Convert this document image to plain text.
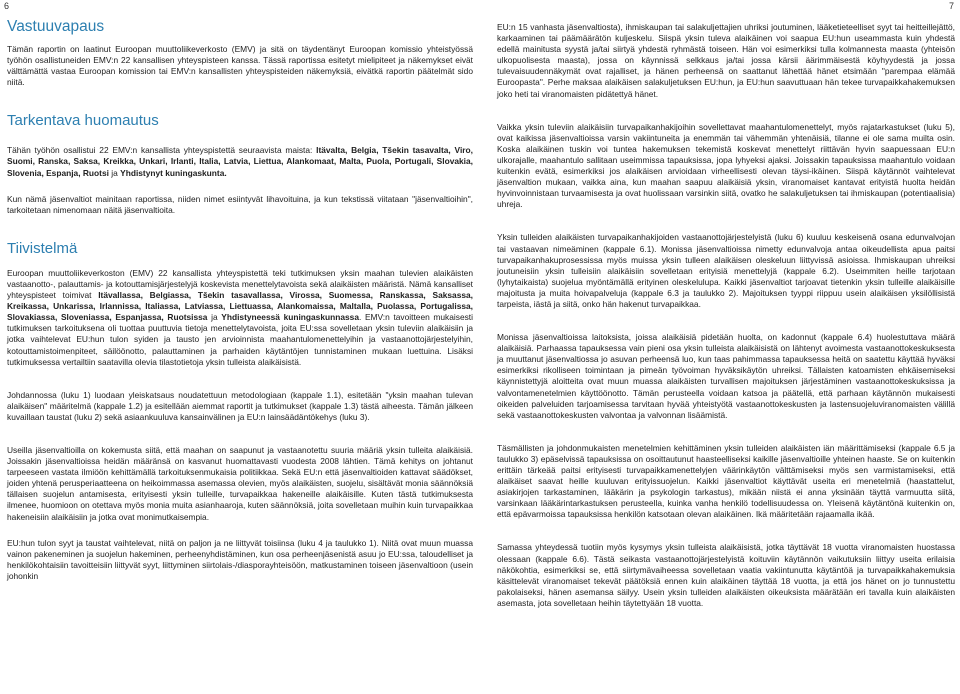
6	7
Vastuuvapaus

Tämän raportin on laatinut Euroopan muuttoliikeverkosto (EMV) ja sitä on täydentänyt Euroopan komissio yhteistyössä työhön osallistuneiden EMV:n 22 kansallisen yhteyspisteen kanssa. Tässä raportissa esitetyt mielipiteet ja näkemykset eivät välttämättä vastaa Euroopan komission tai EMV:n kansallisten yhteyspisteiden näkemyksiä, eivätkä raportin päätelmät sido niitä.

Tarkentava huomautus

Tähän työhön osallistui 22 EMV:n kansallista yhteyspistettä seuraavista maista: Itävalta, Belgia, Tšekin tasavalta, Viro, Suomi, Ranska, Saksa, Kreikka, Unkari, Irlanti, Italia, Latvia, Liettua, Alankomaat, Malta, Puola, Portugali, Slovakia, Slovenia, Espanja, Ruotsi ja Yhdistynyt kuningaskunta.

Kun nämä jäsenvaltiot mainitaan raportissa, niiden nimet esiintyvät lihavoituina, ja kun tekstissä viitataan "jäsenvaltioihin", tarkoitetaan nimenomaan näitä jäsenvaltioita.

Tiivistelmä

Euroopan muuttoliikeverkoston (EMV) 22 kansallista yhteyspistettä teki tutkimuksen yksin maahan tulevien alaikäisten vastaanotto-, palauttamis- ja kotouttamisjärjestelyjä koskevista menettelytavoista sekä alaikäisten määristä. Nämä kansalliset yhteyspisteet toimivat Itävallassa, Belgiassa, Tšekin tasavallassa, Virossa, Suomessa, Ranskassa, Saksassa, Kreikassa, Unkarissa, Irlannissa, Italiassa, Latviassa, Liettuassa, Alankomaissa, Maltalla, Puolassa, Portugalissa, Slovakiassa, Sloveniassa, Espanjassa, Ruotsissa ja Yhdistyneessä kuningaskunnassa. EMV:n tavoitteen mukaisesti tutkimuksen tarkoituksena oli tuottaa puuttuvia tietoja menettelytavoista, joita EU:ssa sovelletaan yksin tuleviin alaikäisiin ja jotka vaihtelevat EU:hun tulon syiden ja tausto jen arvioinnista maahantulomenettelyihin ja vastaanottojärjestelyihin, kotouttamistoimenpiteet, säilöönotto, palauttaminen ja parhaiden käytäntöjen tunnistaminen mukaan luettuina. Lisäksi tutkimuksessa vertailtiin saatavilla olevia tilastotietoja yksin tulleista alaikäisistä.

Johdannossa (luku 1) luodaan yleiskatsaus noudatettuun metodologiaan (kappale 1.1), esitetään "yksin maahan tulevan alaikäisen" määritelmä (kappale 1.2) ja esitellään aiemmat raportit ja tutkimukset (kappale 1.3) tästä aiheesta. Tämän jälkeen kuvaillaan taustat (luku 2) sekä asiaankuuluva kansainvälinen ja EU:n lainsäädäntökehys (luku 3).

Useilla jäsenvaltioilla on kokemusta siitä, että maahan on saapunut ja vastaanotettu suuria määriä yksin tulleita alaikäisiä. Joissakin jäsenvaltioissa heidän määränsä on kasvanut huomattavasti vuodesta 2008 lähtien. Tämä kehitys on johtanut tarpeeseen vastata ilmiöön kehittämällä tarkoituksenmukaisia politiikkaa. Sekä EU:n että jäsenvaltioiden kattavat säädökset, joiden yhtenä perusperiaatteena on heikoimmassa asemassa olevien, myös alaikäisten, suojelu, sisältävät monia säännöksiä tällaisen suojelun antamisesta, erityisesti yksin tulleille, turvapaikkaa hakeneille alaikäisille. Kuten tästä tutkimuksesta ilmenee, huomioon on otettava myös monia muita asianhaaroja, kuten säännöksiä, joita sovelletaan muihin kuin turvapaikkaa hakeneisiin alaikäisiin ja jotka ovat monimutkaisempia.

EU:hun tulon syyt ja taustat vaihtelevat, niitä on paljon ja ne liittyvät toisiinsa (luku 4 ja taulukko 1). Niitä ovat muun muassa vainon pakeneminen ja suojelun hakeminen, perheenyhdistäminen, kun osa perheenjäsenistä asuu jo EU:ssa, taloudelliset ja henkilökohtaisiin tavoitteisiin liittyvät syyt, liittyminen siirtolais-/diasporayhteisöön, matkustaminen toiseen jäsenvaltioon (usein johonkin

EU:n 15 vanhasta jäsenvaltiosta), ihmiskaupan tai salakuljettajien uhriksi joutuminen, lääketieteelliset syyt tai heitteillejättö, karkaaminen tai päämäärätön kuljeskelu. Siispä yksin tuleva alaikäinen voi saapua EU:hun useammasta kuin yhdestä edellä mainitusta syystä ja/tai siirtyä yhdestä ryhmästä toiseen. Hän voi esimerkiksi tulla kolmannesta maasta (yhteisön ulkopuolisesta maasta), jossa on käynnissä selkkaus ja/tai jossa kärsii äärimmäisestä köyhyydestä ja jossa tulevaisuudennäkymät ovat rajalliset, ja hänen perheensä on saattanut lähettää hänet etsimään "parempaa elämää Euroopasta". Perhe maksaa alaikäisen salakuljetuksen EU:hun, ja EU:hun saavuttuaan hän tekee turvapaikkahakemuksen joko heti tai viranomaisten pidätettyä hänet.

Vaikka yksin tuleviin alaikäisiin turvapaikanhakijoihin sovellettavat maahantulomenettelyt, myös rajatarkastukset (luku 5), ovat kaikissa jäsenvaltioissa varsin vakiintuneita ja enemmän tai vähemmän yhtenäisiä, tilanne ei ole sama muilta osin. Koska alaikäinen tuskin voi tuntea hakemuksen tekemistä koskevat menettelyt riittävän hyvin saapuessaan EU:n ulkorajalle, maahantulo sallitaan useimmissa tapauksissa, jopa lyhyeksi ajaksi. Joissakin tapauksissa maahantulo voidaan kuitenkin evätä, esimerkiksi jos alaikäisen arvioidaan virheellisesti olevan täysi-ikäinen. Siispä käytännöt vaihtelevat jäsenvaltion mukaan, vaikka aina, kun maahan saapuu alaikäisiä yksin, viranomaiset kantavat erityistä huolta heidän hyvinvoinnistaan turvaamisesta ja ovat huolissaan varsinkin siitä, ovatko he salakuljetuksen tai ihmiskaupan (potentiaalisia) uhreja.

Yksin tulleiden alaikäisten turvapaikanhakijoiden vastaanottojärjestelyistä (luku 6) kuuluu keskeisenä osana edunvalvojan tai vastaavan nimeäminen (kappale 6.1). Monissa jäsenvaltioissa nimetty edunvalvoja antaa oikeudellista apua paitsi turvapaikanhakuprosessissa myös muissa yksin tulleen alaikäisen oleskeluun liittyvissä asioissa. Ihmiskaupan uhreiksi joutuneisiin yksin tulleisiin alaikäisiin sovelletaan erityisiä menettelyjä (kappale 6.2). Useimmiten heille tarjotaan (lyhytaikaista) suojelua myöntämällä erityinen oleskelulupa. Kaikki jäsenvaltiot tarjoavat tietenkin yksin tulleille alaikäisille majoitusta ja muita hoivapalveluja (kappale 6.3 ja taulukko 2). Majoituksen tyyppi riippuu usein alaikäisen yksilöllisistä tarpeista, iästä ja siitä, onko hän hakenut turvapaikkaa.

Monissa jäsenvaltioissa laitoksista, joissa alaikäisiä pidetään huolta, on kadonnut (kappale 6.4) huolestuttava määrä alaikäisiä. Parhaassa tapauksessa vain pieni osa yksin tulleista alaikäisistä on lähtenyt avoimesta vastaanottokeskuksesta ja muuttanut jäsenvaltiossa jo asuvan perheensä luo, kun taas pahimmassa tapauksessa heitä on saatettu käyttää hyväksi esimerkiksi rikolliseen toimintaan ja pimeän työvoiman hyväksikäytön uhreiksi. Tällaisten katoamisten ehkäisemiseksi käynnistettyjä aloitteita ovat muun muassa alaikäisten turvallisen majoituksen järjestäminen vastaanottokeskuksissa ja valvontamenetelmien käyttöönotto. Tämän perusteella voidaan katsoa ja päätellä, että parhaan käytännön mukaisesti oikeiden palveluiden tarjoamisessa tarvitaan hyvää yhteistyötä vastaanottokeskusten ja lastensuojeluviranomaisten välillä sekä vastaanottokeskusten valvontaa ja valvonnan lisäämistä.

Täsmällisten ja johdonmukaisten menetelmien kehittäminen yksin tulleiden alaikäisten iän määrittämiseksi (kappale 6.5 ja taulukko 3) epäselvissä tapauksissa on osoittautunut haasteelliseksi kaikille jäsenvaltioille yhteinen haaste. Se on kuitenkin erittäin tärkeää paitsi erityisesti turvapaikkamenettelyjen väärinkäytön välttämiseksi myös sen varmistamiseksi, että alaikäiset saavat heille kuuluvan erityissuojelun. Kaikki jäsenvaltiot käyttävät useita eri menetelmiä (haastattelut, asiakirjojen tarkastaminen, lääkärin ja psykologin tarkastus), mikään niistä ei anna yksinään täyttä varmuutta siitä, varsinkaan lääkärintarkastuksen perusteella, kuinka vanha henkilö todellisuudessa on. Yleisenä käytäntönä kuitenkin on, että epävarmoissa tapauksissa henkilön katsotaan olevan alaikäinen. Ikä määritetään rajaamalla ikää.

Samassa yhteydessä tuotiin myös kysymys yksin tulleista alaikäisistä, jotka täyttävät 18 vuotta viranomaisten huostassa olessaan (kappale 6.6). Tästä seikasta vastaanottojärjestelyistä koituviin käytännön vaikutuksiin liittyy useita erilaisia näkökohtia, esimerkiksi se, että siirtymävaiheessa sovelletaan vaatia vakiintunutta käytäntöä ja turvapaikkahakemuksia käsittelevät viranomaiset tekevät päätöksiä ennen kuin alaikäinen täyttää 18 vuotta, ja että jos hänet on jo tunnustettu pakolaiseksi, hänen asemansa säilyy. Usein yksin tulleiden alaikäisten oikeuksista määrätään eri tavalla kuin alaikäisten asemasta, jota sovelletaan heihin täytettyään 18 vuotta.
